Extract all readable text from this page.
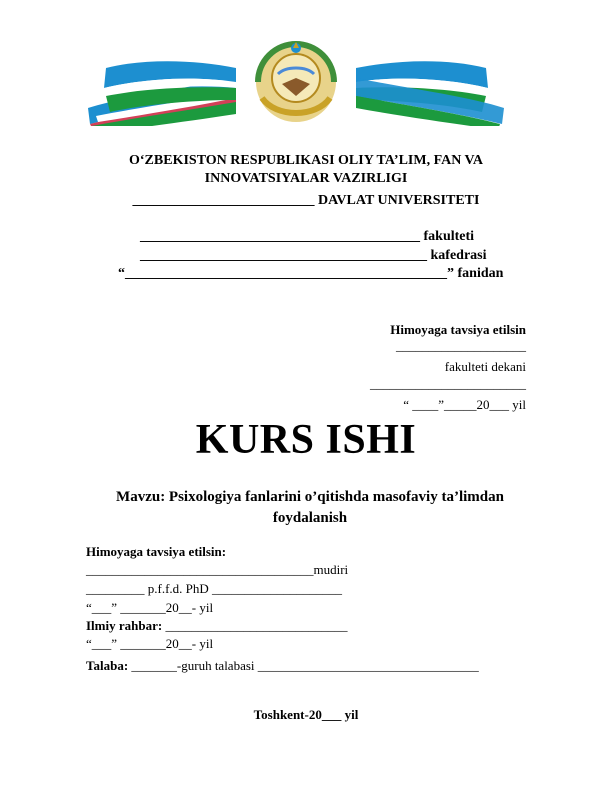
O‘ZBEKISTON RESPUBLIKASI OLIY TA’LIM, FAN VA
INNOVATSIYALAR VAZIRLIGI
__________________________ DAVLAT UNIVERSITETI
________________________________________ fakulteti
_________________________________________ kafedrasi
“______________________________________________” fanidan
Himoyaga tavsiya etilsin
____________________
fakulteti dekani
________________________
“ ____”_____20___ yil
KURS ISHI
Mavzu: Psixologiya fanlarini o’qitishda masofaviy ta’limdan foydalanish
Himoyaga tavsiya etilsin:
___________________________________mudiri
_________ p.f.f.d. PhD ____________________
“___” _______20__- yil
Ilmiy rahbar: ____________________________
“___” _______20__- yil
Talaba: _______-guruh talabasi __________________________________
Toshkent-20___ yil
